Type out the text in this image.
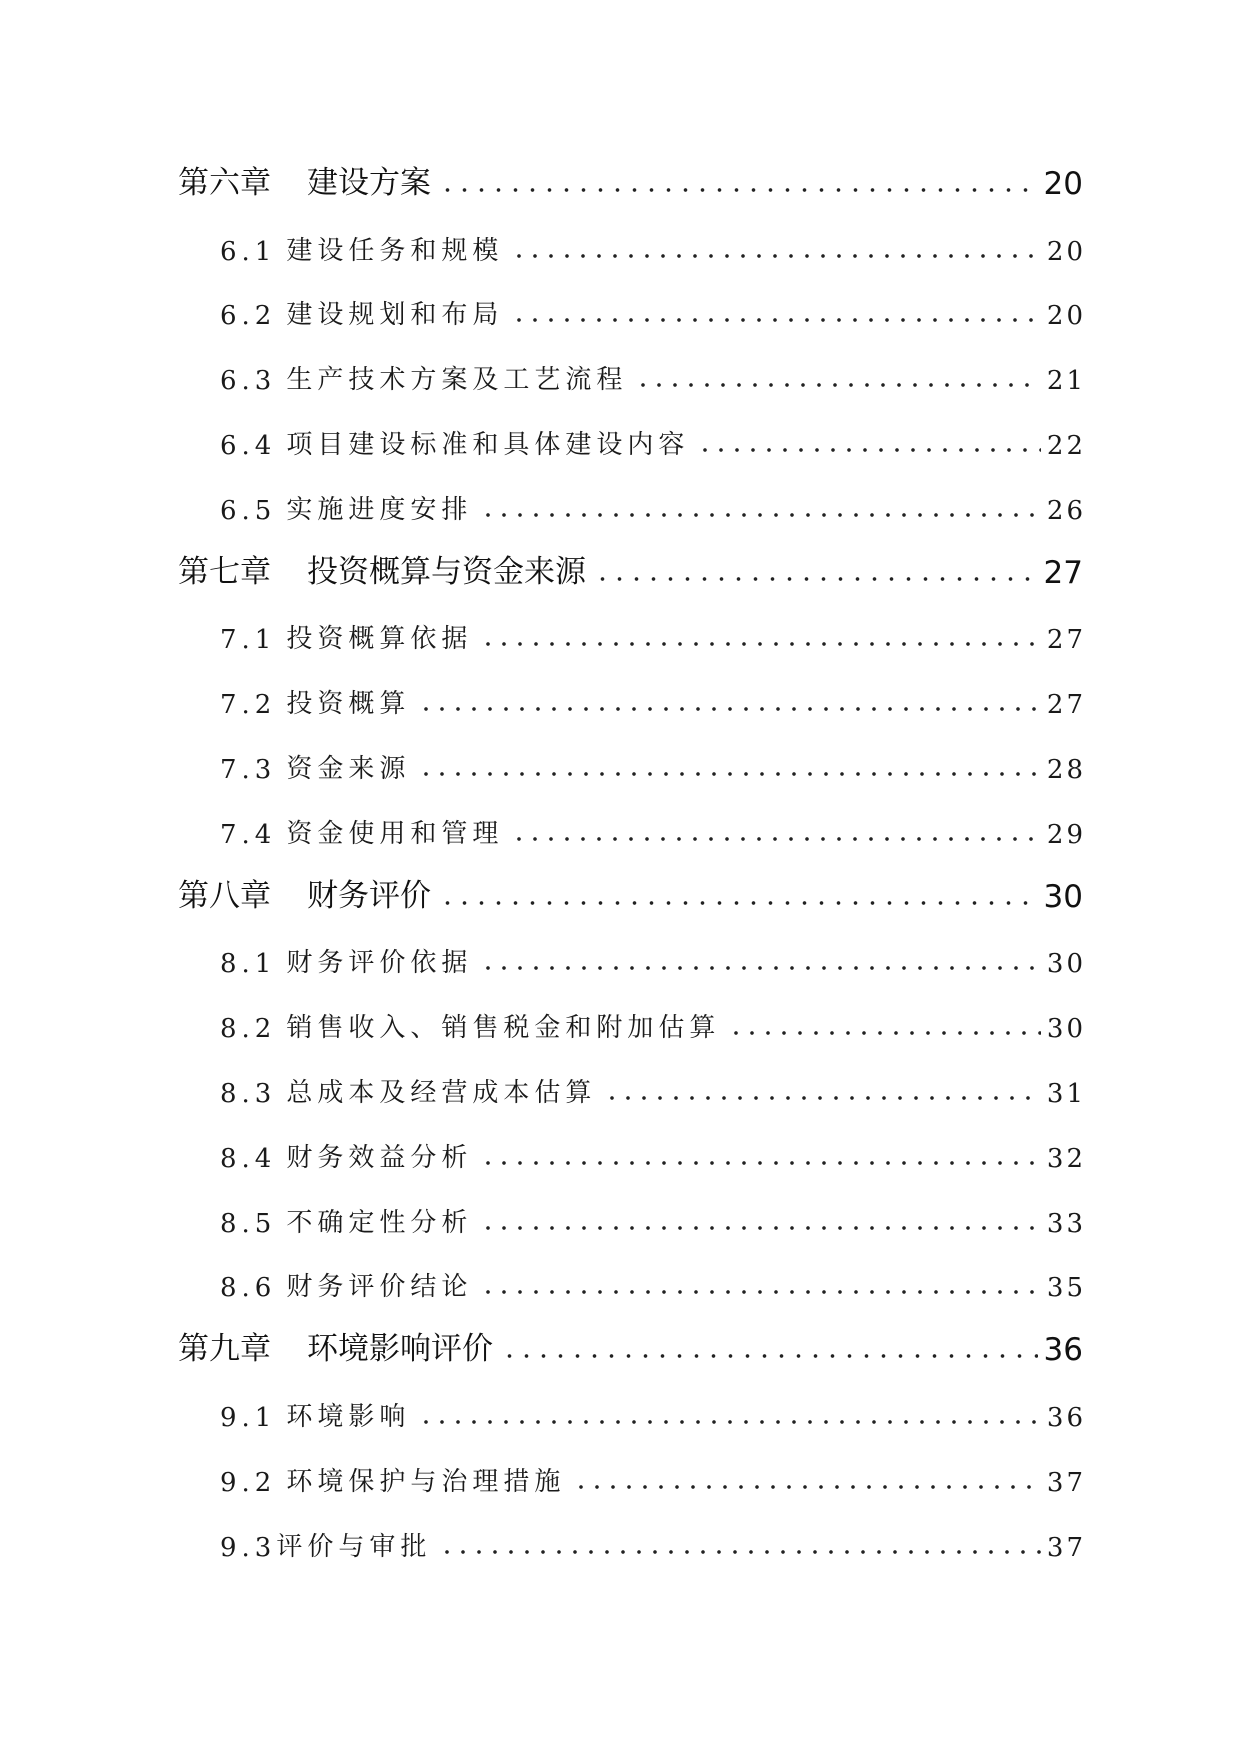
第六章 建设方案	20
6.1 建设任务和规模	20
6.2 建设规划和布局	20
6.3 生产技术方案及工艺流程	21
6.4 项目建设标准和具体建设内容	22
6.5 实施进度安排	26
第七章 投资概算与资金来源	27
7.1 投资概算依据	27
7.2 投资概算	27
7.3 资金来源	28
7.4 资金使用和管理	29
第八章 财务评价	30
8.1 财务评价依据	30
8.2 销售收入、销售税金和附加估算	30
8.3 总成本及经营成本估算	31
8.4 财务效益分析	32
8.5 不确定性分析	33
8.6 财务评价结论	35
第九章 环境影响评价	36
9.1 环境影响	36
9.2 环境保护与治理措施	37
9.3 评价与审批	37
